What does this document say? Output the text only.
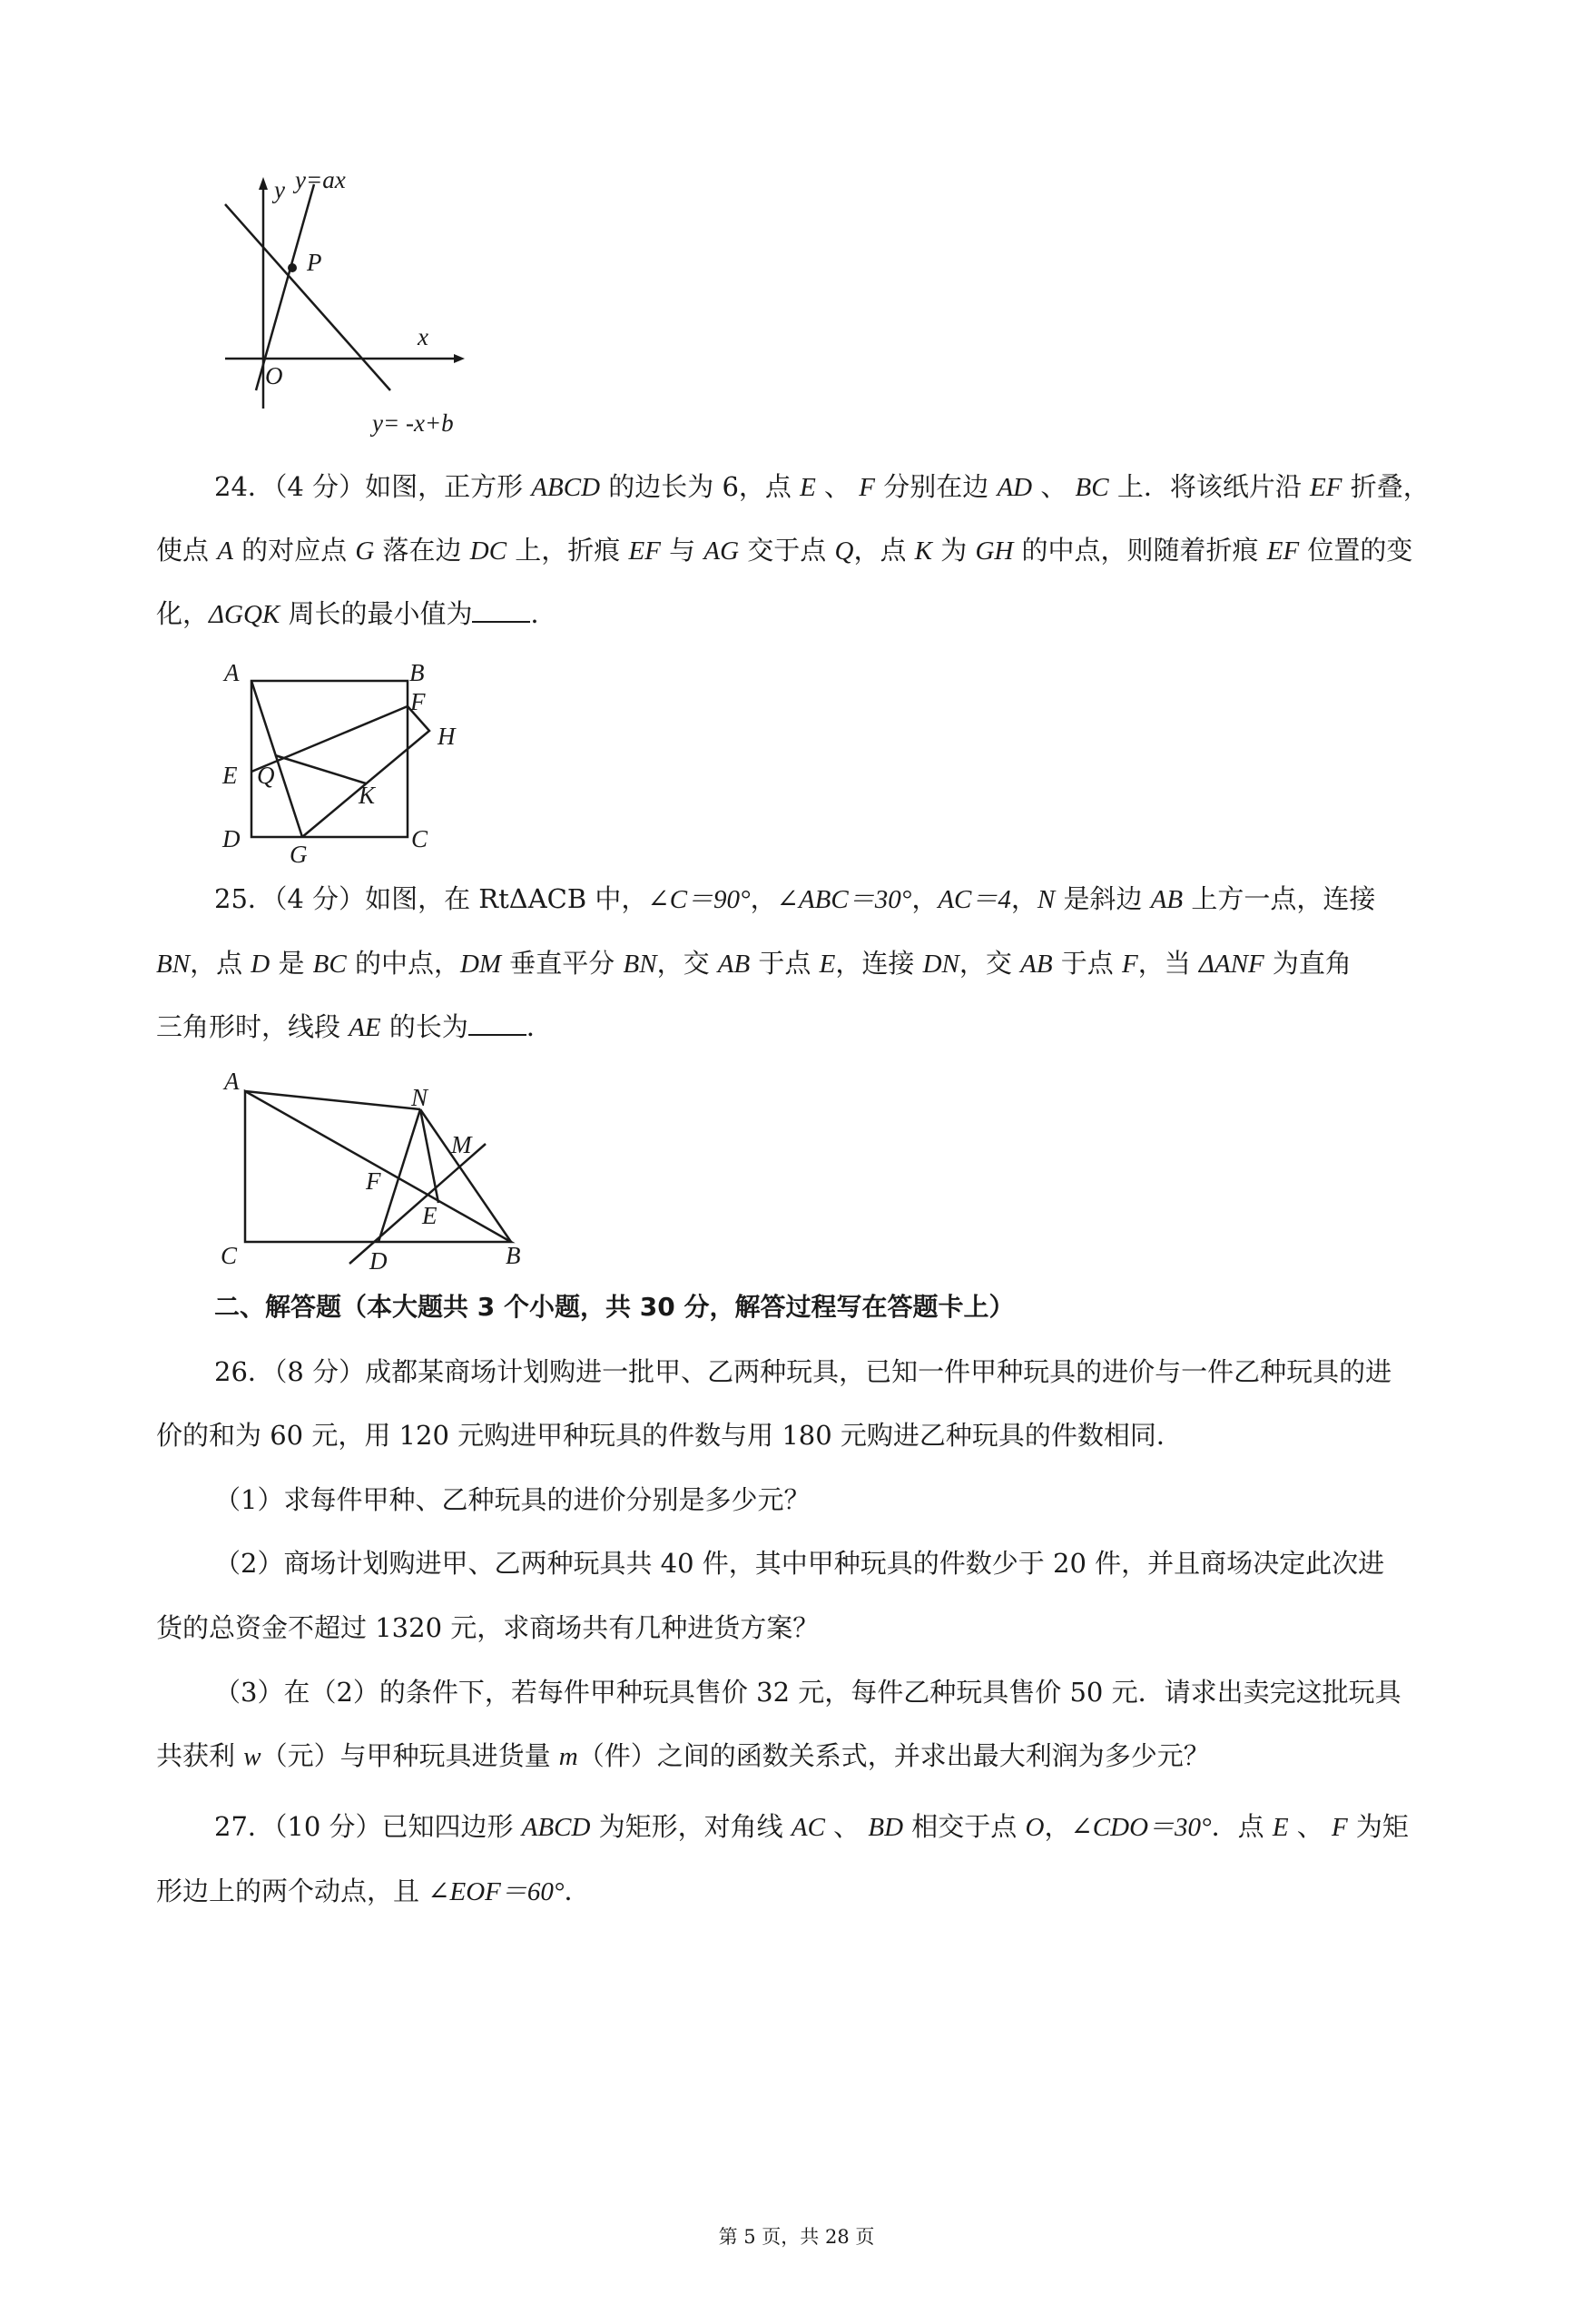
y y=ax
P
x
O
y= -x+b
24．（4 分）如图，正方形 ABCD 的边长为 6，点 E 、 F 分别在边 AD 、 BC 上．将该纸片沿 EF 折叠，
使点 A 的对应点 G 落在边 DC 上，折痕 EF 与 AG 交于点 Q，点 K 为 GH 的中点，则随着折痕 EF 位置的变
化，ΔGQK 周长的最小值为 ．
A	B
F
H
E Q
K
D
G
C
25．（4 分）如图，在 RtΔACB 中，∠C＝90°，∠ABC＝30°，AC＝4，N 是斜边 AB 上方一点，连接
BN，点 D 是 BC 的中点，DM 垂直平分 BN，交 AB 于点 E，连接 DN，交 AB 于点 F，当 ΔANF 为直角
三角形时，线段 AE 的长为 ．
A
N
M
F
E
C	D	B
二、解答题（本大题共 3 个小题，共 30 分，解答过程写在答题卡上）
26．（8 分）成都某商场计划购进一批甲、乙两种玩具，已知一件甲种玩具的进价与一件乙种玩具的进
价的和为 60 元，用 120 元购进甲种玩具的件数与用 180 元购进乙种玩具的件数相同．
（1）求每件甲种、乙种玩具的进价分别是多少元？
（2）商场计划购进甲、乙两种玩具共 40 件，其中甲种玩具的件数少于 20 件，并且商场决定此次进
货的总资金不超过 1320 元，求商场共有几种进货方案？
（3）在（2）的条件下，若每件甲种玩具售价 32 元，每件乙种玩具售价 50 元．请求出卖完这批玩具
共获利 w（元）与甲种玩具进货量 m（件）之间的函数关系式，并求出最大利润为多少元？
27．（10 分）已知四边形 ABCD 为矩形，对角线 AC 、 BD 相交于点 O，∠CDO＝30°．点 E 、 F 为矩
形边上的两个动点，且 ∠EOF＝60°．
第 5 页，共 28 页
